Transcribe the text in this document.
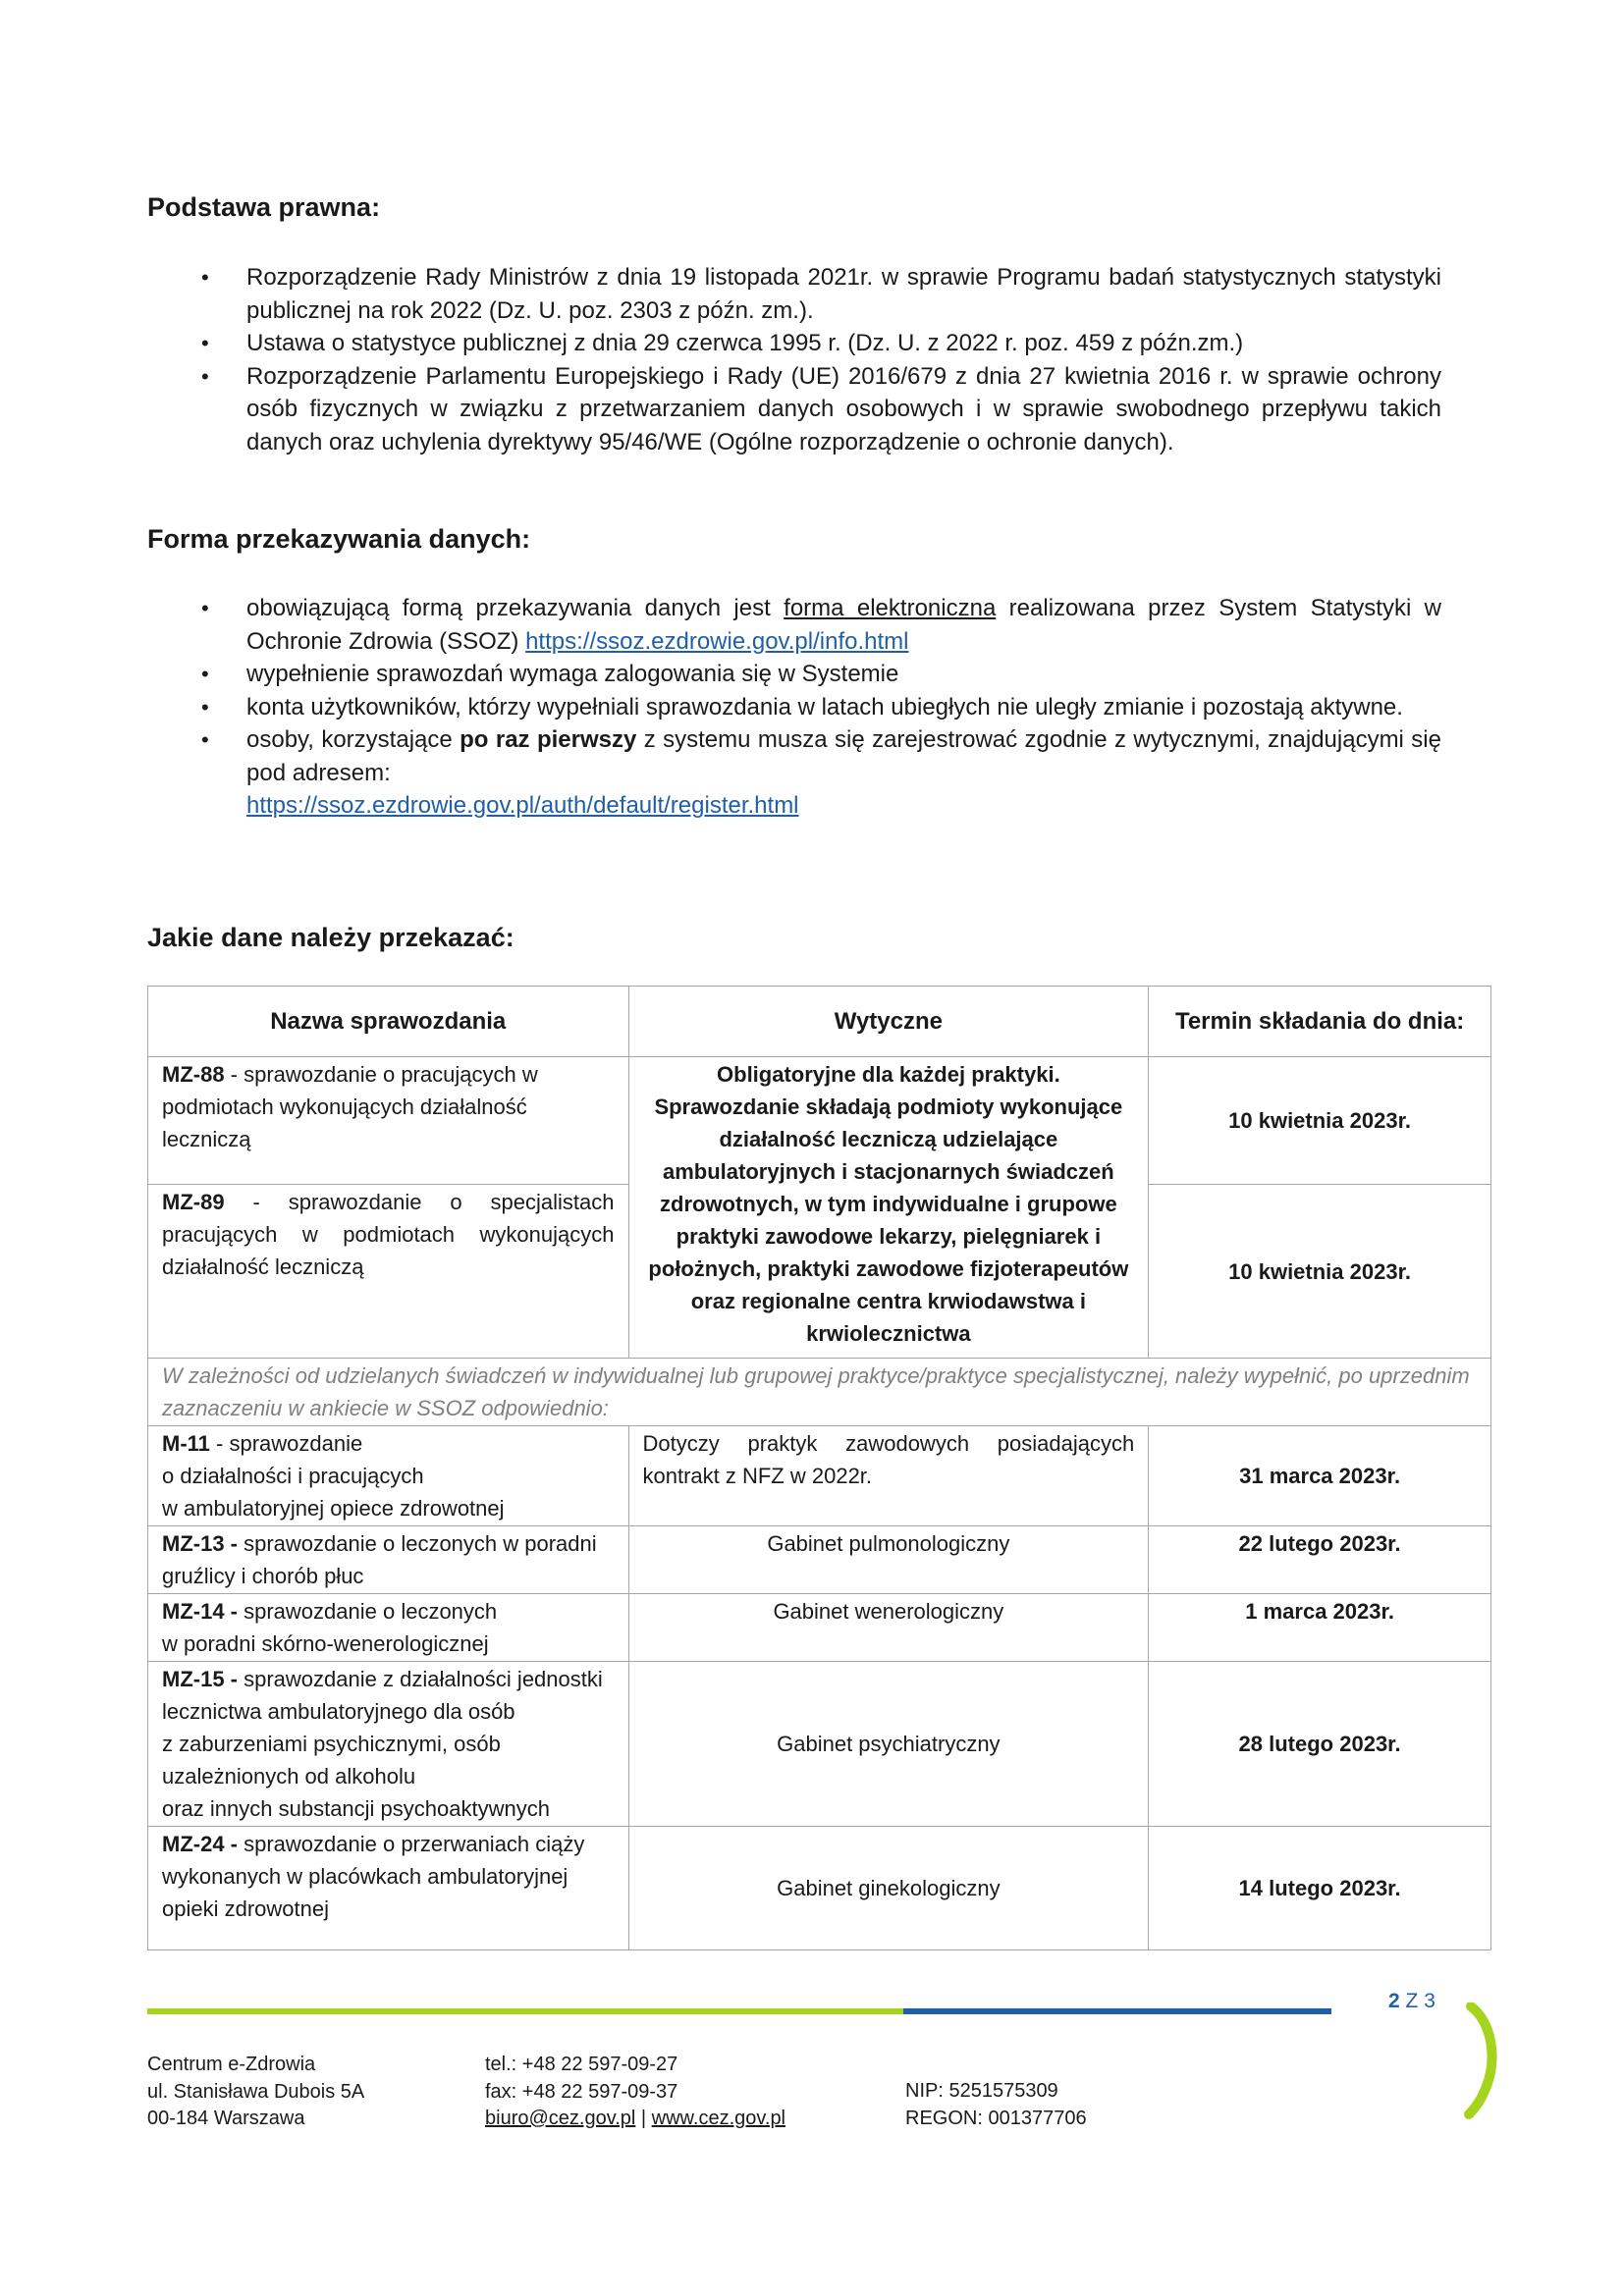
Podstawa prawna:
• Rozporządzenie Rady Ministrów z dnia 19 listopada 2021r. w sprawie Programu badań statystycznych statystyki publicznej na rok 2022 (Dz. U. poz. 2303 z późn. zm.).
• Ustawa o statystyce publicznej z dnia 29 czerwca 1995 r. (Dz. U. z 2022 r. poz. 459 z późn.zm.)
• Rozporządzenie Parlamentu Europejskiego i Rady (UE) 2016/679 z dnia 27 kwietnia 2016 r. w sprawie ochrony osób fizycznych w związku z przetwarzaniem danych osobowych i w sprawie swobodnego przepływu takich danych oraz uchylenia dyrektywy 95/46/WE (Ogólne rozporządzenie o ochronie danych).
Forma przekazywania danych:
• obowiązującą formą przekazywania danych jest forma elektroniczna realizowana przez System Statystyki w Ochronie Zdrowia (SSOZ) https://ssoz.ezdrowie.gov.pl/info.html
• wypełnienie sprawozdań wymaga zalogowania się w Systemie
• konta użytkowników, którzy wypełniali sprawozdania w latach ubiegłych nie uległy zmianie i pozostają aktywne.
• osoby, korzystające po raz pierwszy z systemu musza się zarejestrować zgodnie z wytycznymi, znajdującymi się pod adresem:
https://ssoz.ezdrowie.gov.pl/auth/default/register.html
Jakie dane należy przekazać:
Nazwa sprawozdania	Wytyczne	Termin składania do dnia:
MZ-88 - sprawozdanie o pracujących w podmiotach wykonujących działalność leczniczą	Obligatoryjne dla każdej praktyki. Sprawozdanie składają podmioty wykonujące działalność leczniczą udzielające ambulatoryjnych i stacjonarnych świadczeń zdrowotnych, w tym indywidualne i grupowe praktyki zawodowe lekarzy, pielęgniarek i położnych, praktyki zawodowe fizjoterapeutów oraz regionalne centra krwiodawstwa i krwiolecznictwa	10 kwietnia 2023r.
MZ-89 - sprawozdanie o specjalistach pracujących w podmiotach wykonujących działalność leczniczą		10 kwietnia 2023r.
W zależności od udzielanych świadczeń w indywidualnej lub grupowej praktyce/praktyce specjalistycznej, należy wypełnić, po uprzednim zaznaczeniu w ankiecie w SSOZ odpowiednio:		
M-11 - sprawozdanie
o działalności i pracujących
w ambulatoryjnej opiece zdrowotnej	Dotyczy praktyk zawodowych posiadających kontrakt z NFZ w 2022r.	31 marca 2023r.
MZ-13 - sprawozdanie o leczonych w poradni gruźlicy i chorób płuc	Gabinet pulmonologiczny	22 lutego 2023r.
MZ-14 - sprawozdanie o leczonych
w poradni skórno-wenerologicznej	Gabinet wenerologiczny	1 marca 2023r.
MZ-15 - sprawozdanie z działalności jednostki lecznictwa ambulatoryjnego dla osób
z zaburzeniami psychicznymi, osób uzależnionych od alkoholu
oraz innych substancji psychoaktywnych	Gabinet psychiatryczny	28 lutego 2023r.
MZ-24 - sprawozdanie o przerwaniach ciąży wykonanych w placówkach ambulatoryjnej opieki zdrowotnej	Gabinet ginekologiczny	14 lutego 2023r.
2 Z 3
Centrum e-Zdrowia
ul. Stanisława Dubois 5A
00-184 Warszawa
tel.: +48 22 597-09-27
fax: +48 22 597-09-37
biuro@cez.gov.pl | www.cez.gov.pl
NIP: 5251575309
REGON: 001377706
